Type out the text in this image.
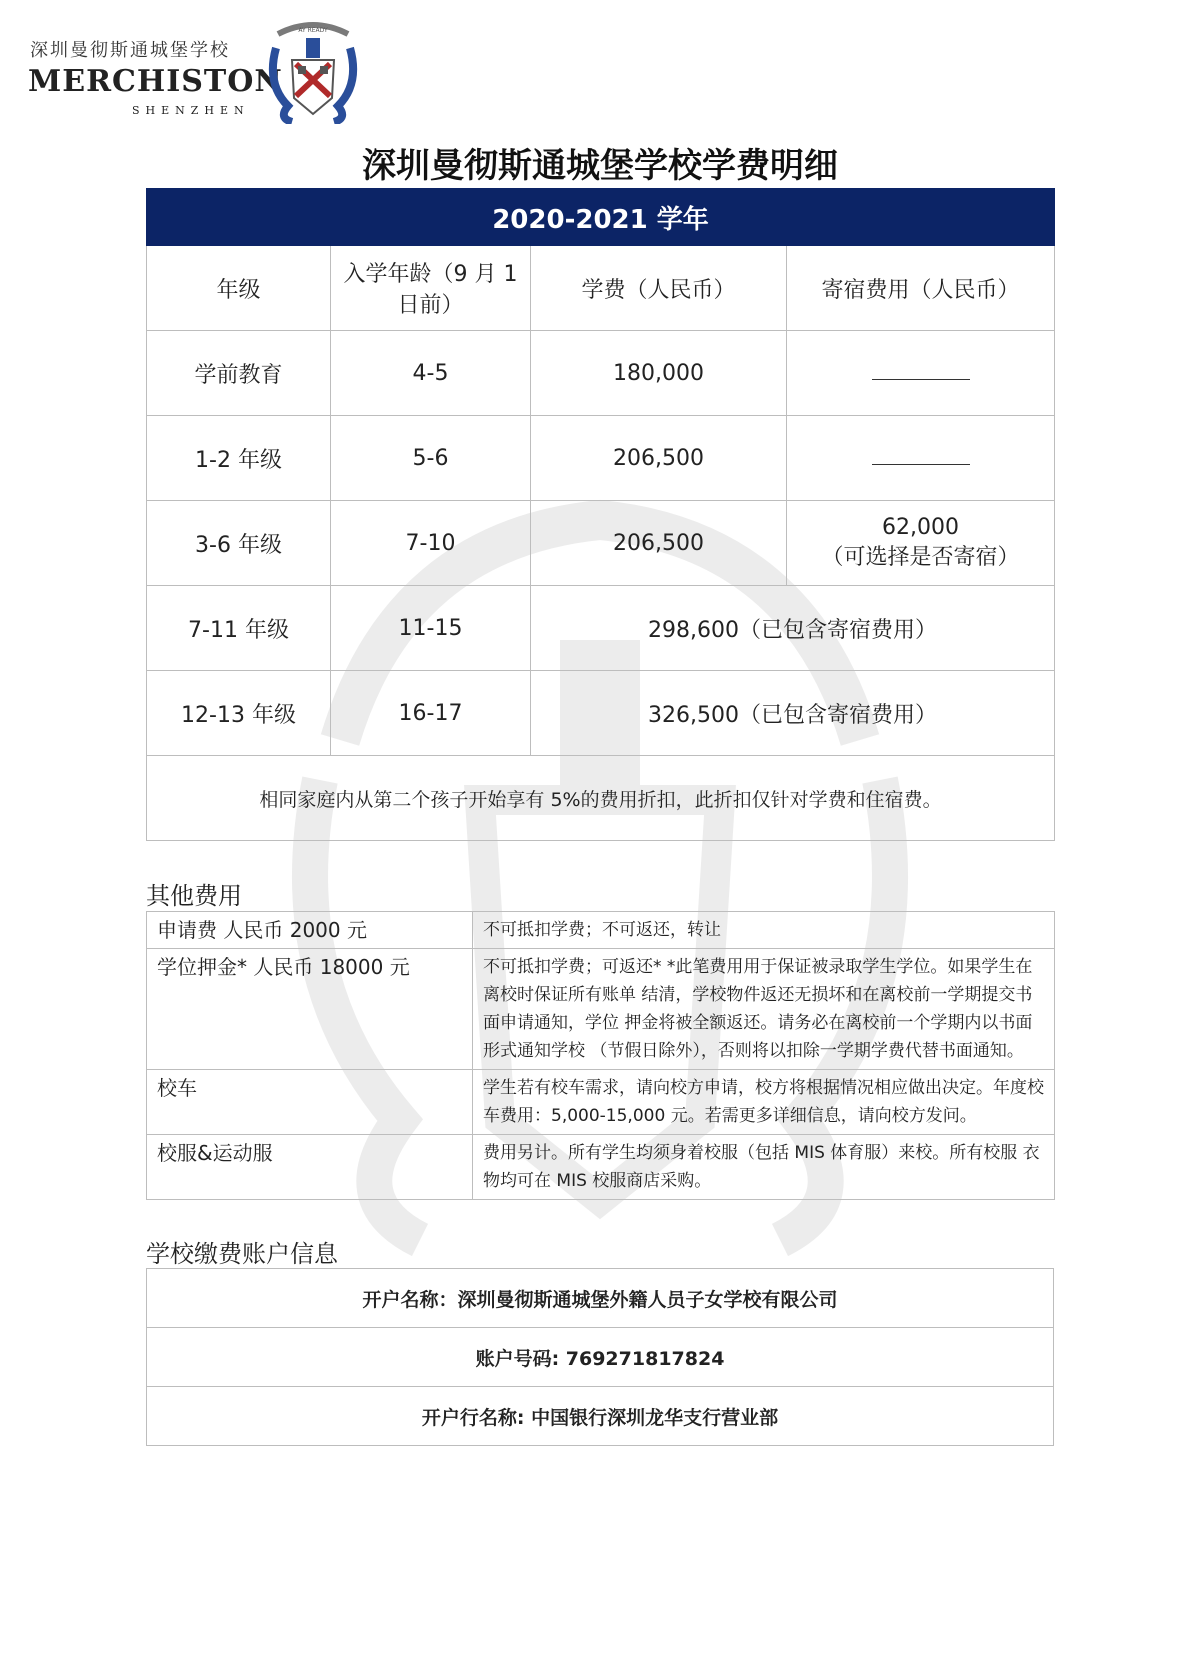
深圳曼彻斯通城堡学校
MERCHISTON
SHENZHEN
AY READY
深圳曼彻斯通城堡学校学费明细
2020-2021 学年			
年级	入学年龄（9 月 1 日前）	学费（人民币）	寄宿费用（人民币）
学前教育	4-5	180,000	
1-2 年级	5-6	206,500	
3-6 年级	7-10	206,500	62,000
（可选择是否寄宿）

7-11 年级	11-15	298,600（已包含寄宿费用）	
12-13 年级	16-17	326,500（已包含寄宿费用）	
相同家庭内从第二个孩子开始享有 5%的费用折扣，此折扣仅针对学费和住宿费。			
其他费用
申请费 人民币 2000 元	不可抵扣学费；不可返还，转让
学位押金* 人民币 18000 元	不可抵扣学费；可返还* *此笔费用用于保证被录取学生学位。如果学生在离校时保证所有账单 结清，学校物件返还无损坏和在离校前一学期提交书面申请通知，学位 押金将被全额返还。请务必在离校前一个学期内以书面形式通知学校 （节假日除外），否则将以扣除一学期学费代替书面通知。
校车	学生若有校车需求，请向校方申请，校方将根据情况相应做出决定。年度校车费用：5,000-15,000 元。若需更多详细信息，请向校方发问。
校服&运动服	费用另计。所有学生均须身着校服（包括 MIS 体育服）来校。所有校服 衣物均可在 MIS 校服商店采购。
学校缴费账户信息
开户名称：深圳曼彻斯通城堡外籍人员子女学校有限公司
账户号码: 769271817824
开户行名称: 中国银行深圳龙华支行营业部
